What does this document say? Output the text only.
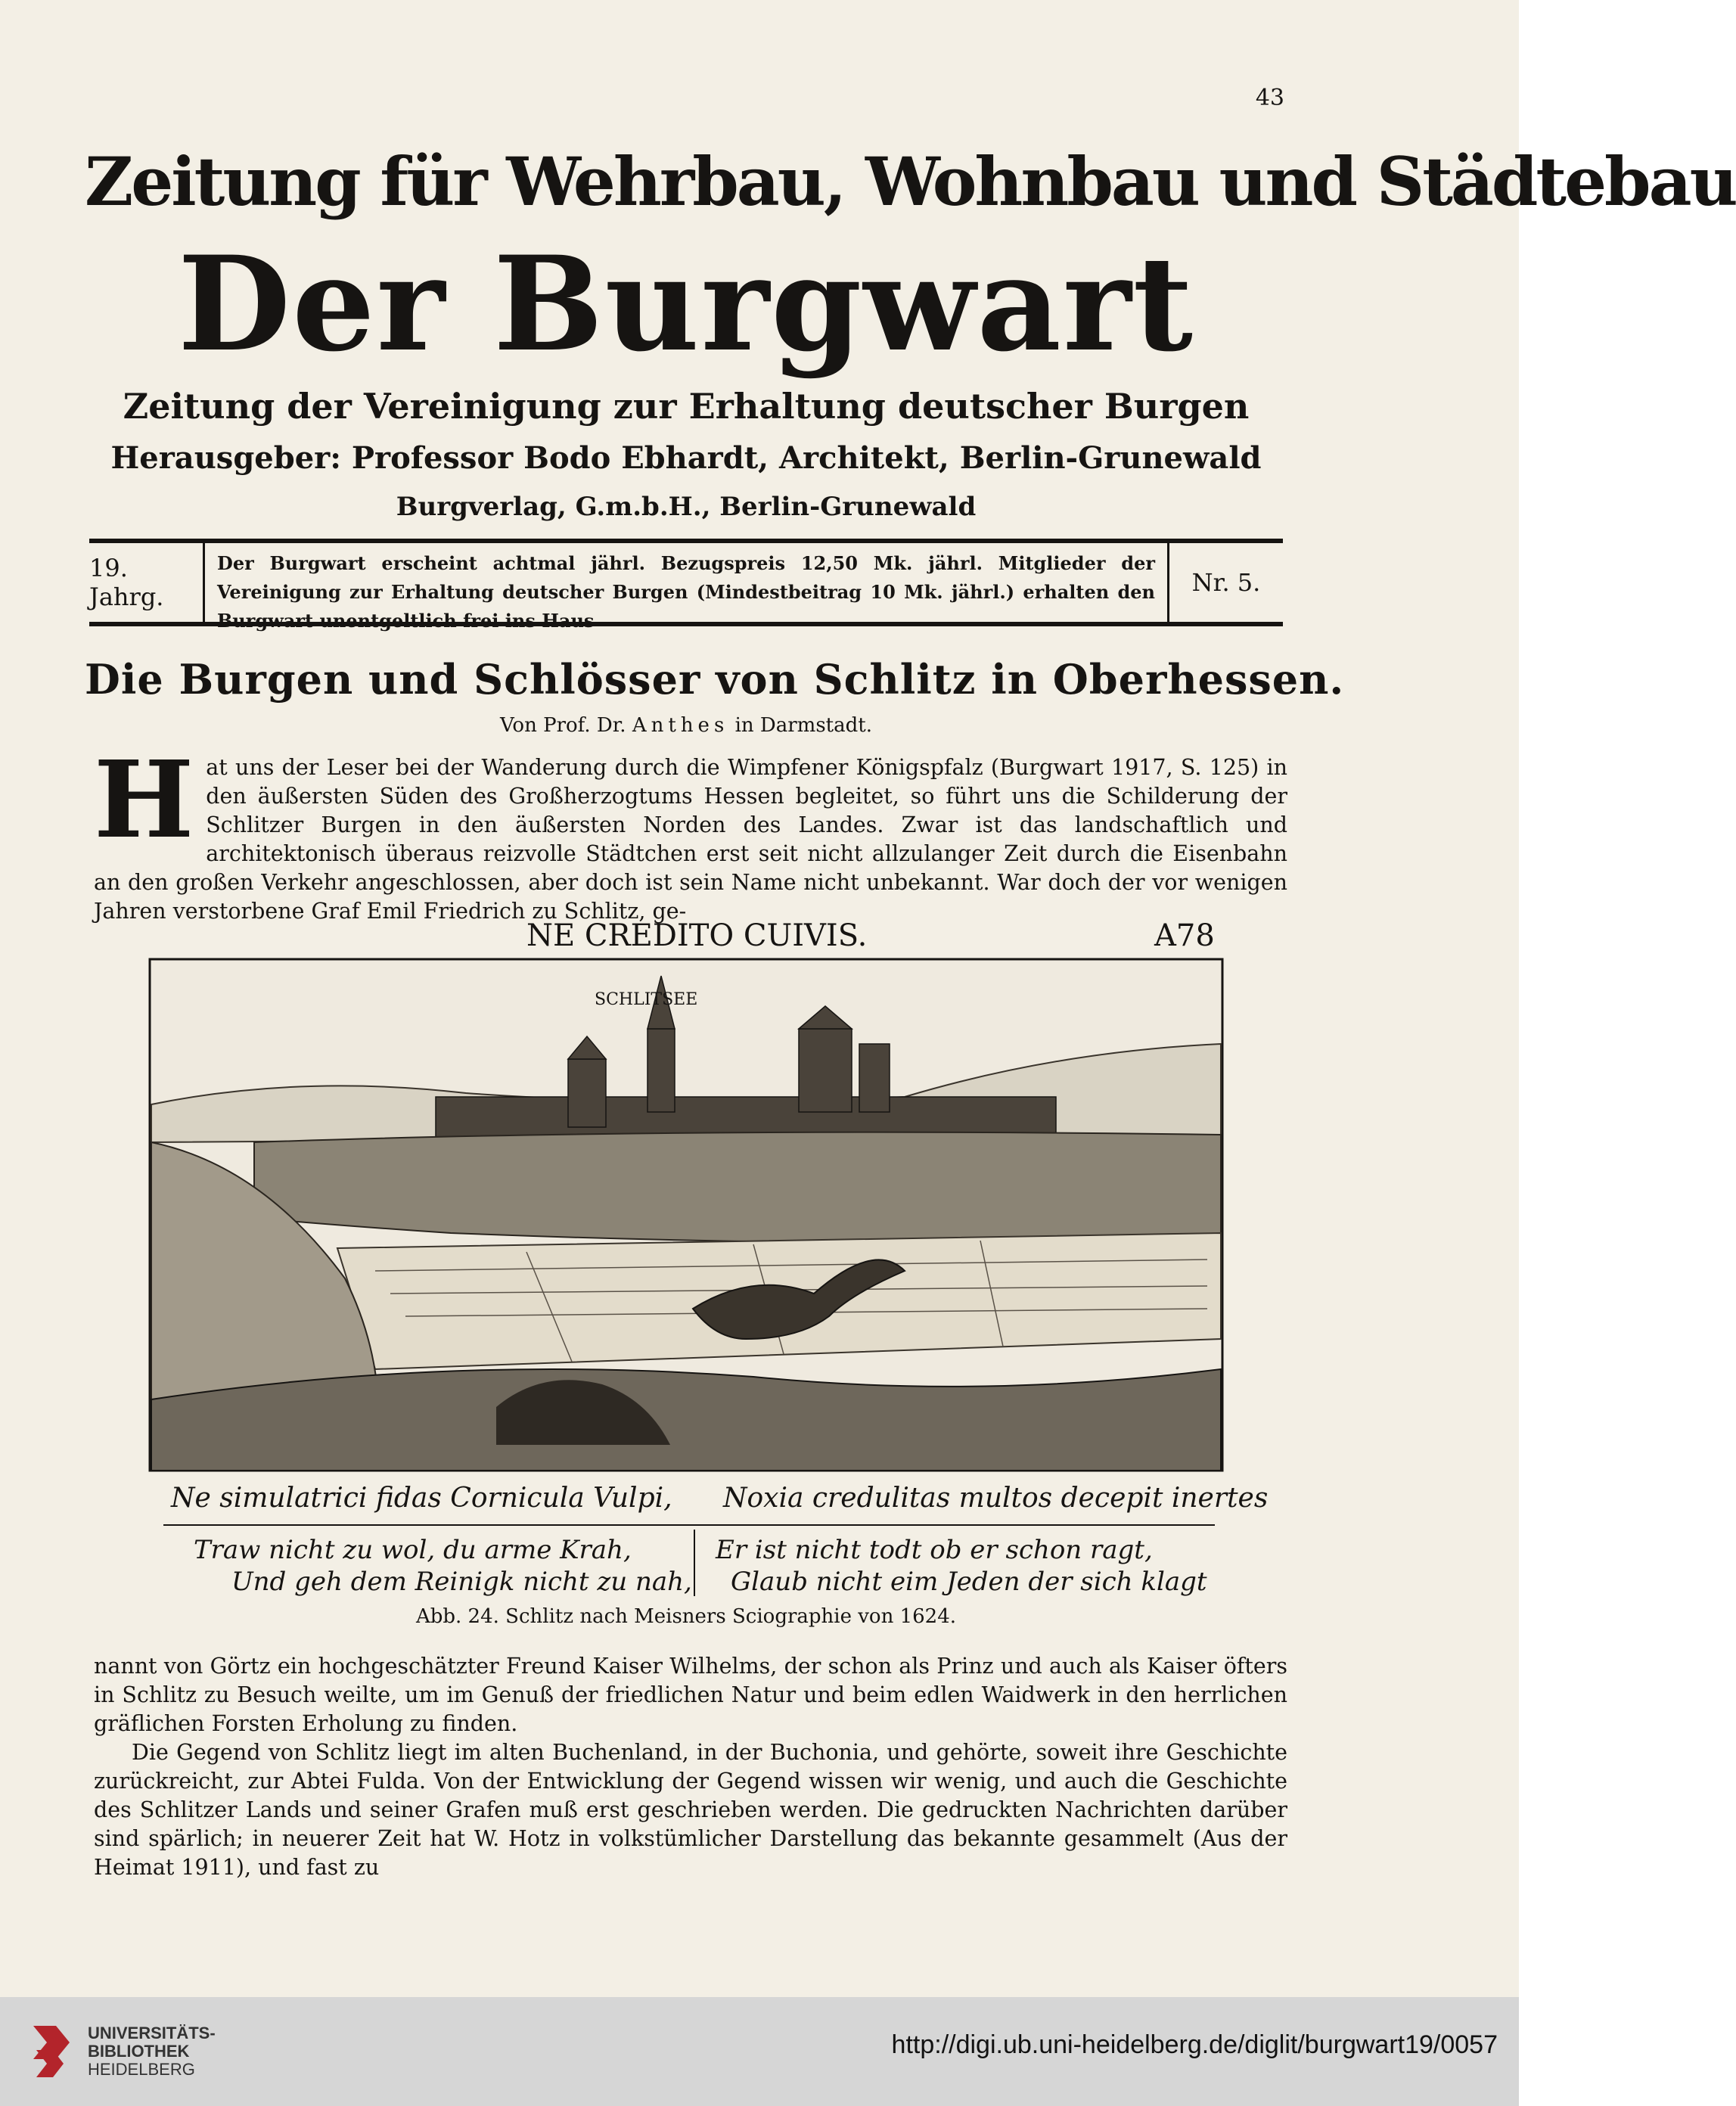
43
Zeitung für Wehrbau, Wohnbau und Städtebau
Der Burgwart
Zeitung der Vereinigung zur Erhaltung deutscher Burgen
Herausgeber: Professor Bodo Ebhardt, Architekt, Berlin-Grunewald
Burgverlag, G.m.b.H., Berlin-Grunewald
19. Jahrg.
Der Burgwart erscheint achtmal jährl. Bezugspreis 12,50 Mk. jährl. Mitglieder der Vereinigung zur Erhaltung deutscher Burgen (Mindestbeitrag 10 Mk. jährl.) erhalten den Burgwart unentgeltlich frei ins Haus
Nr. 5.
Die Burgen und Schlösser von Schlitz in Oberhessen.
Von Prof. Dr. Anthes in Darmstadt.
H at uns der Leser bei der Wanderung durch die Wimpfener Königspfalz (Burgwart 1917, S. 125) in den äußersten Süden des Großherzogtums Hessen begleitet, so führt uns die Schilderung der Schlitzer Burgen in den äußersten Norden des Landes. Zwar ist das landschaftlich und architektonisch überaus reizvolle Städtchen erst seit nicht allzulanger Zeit durch die Eisenbahn an den großen Verkehr angeschlossen, aber doch ist sein Name nicht unbekannt. War doch der vor wenigen Jahren verstorbene Graf Emil Friedrich zu Schlitz, ge-

NE CREDITO CUIVIS.	A78
SCHLITSEE
Ne simulatrici fidas Cornicula Vulpi, Noxia credulitas multos decepit inertes
Traw nicht zu wol, du arme Krah,
Und geh dem Reinigk nicht zu nah,
Er ist nicht todt ob er schon ragt,
Glaub nicht eim Jeden der sich klagt
Abb. 24. Schlitz nach Meisners Sciographie von 1624.

nannt von Görtz ein hochgeschätzter Freund Kaiser Wilhelms, der schon als Prinz und auch als Kaiser öfters in Schlitz zu Besuch weilte, um im Genuß der friedlichen Natur und beim edlen Waidwerk in den herrlichen gräflichen Forsten Erholung zu finden.

Die Gegend von Schlitz liegt im alten Buchenland, in der Buchonia, und gehörte, soweit ihre Geschichte zurückreicht, zur Abtei Fulda. Von der Entwicklung der Gegend wissen wir wenig, und auch die Geschichte des Schlitzer Lands und seiner Grafen muß erst geschrieben werden. Die gedruckten Nachrichten darüber sind spärlich; in neuerer Zeit hat W. Hotz in volkstümlicher Darstellung das bekannte gesammelt (Aus der Heimat 1911), und fast zu

UNIVERSITÄTS-
BIBLIOTHEK
HEIDELBERG
http://digi.ub.uni-heidelberg.de/diglit/burgwart19/0057
